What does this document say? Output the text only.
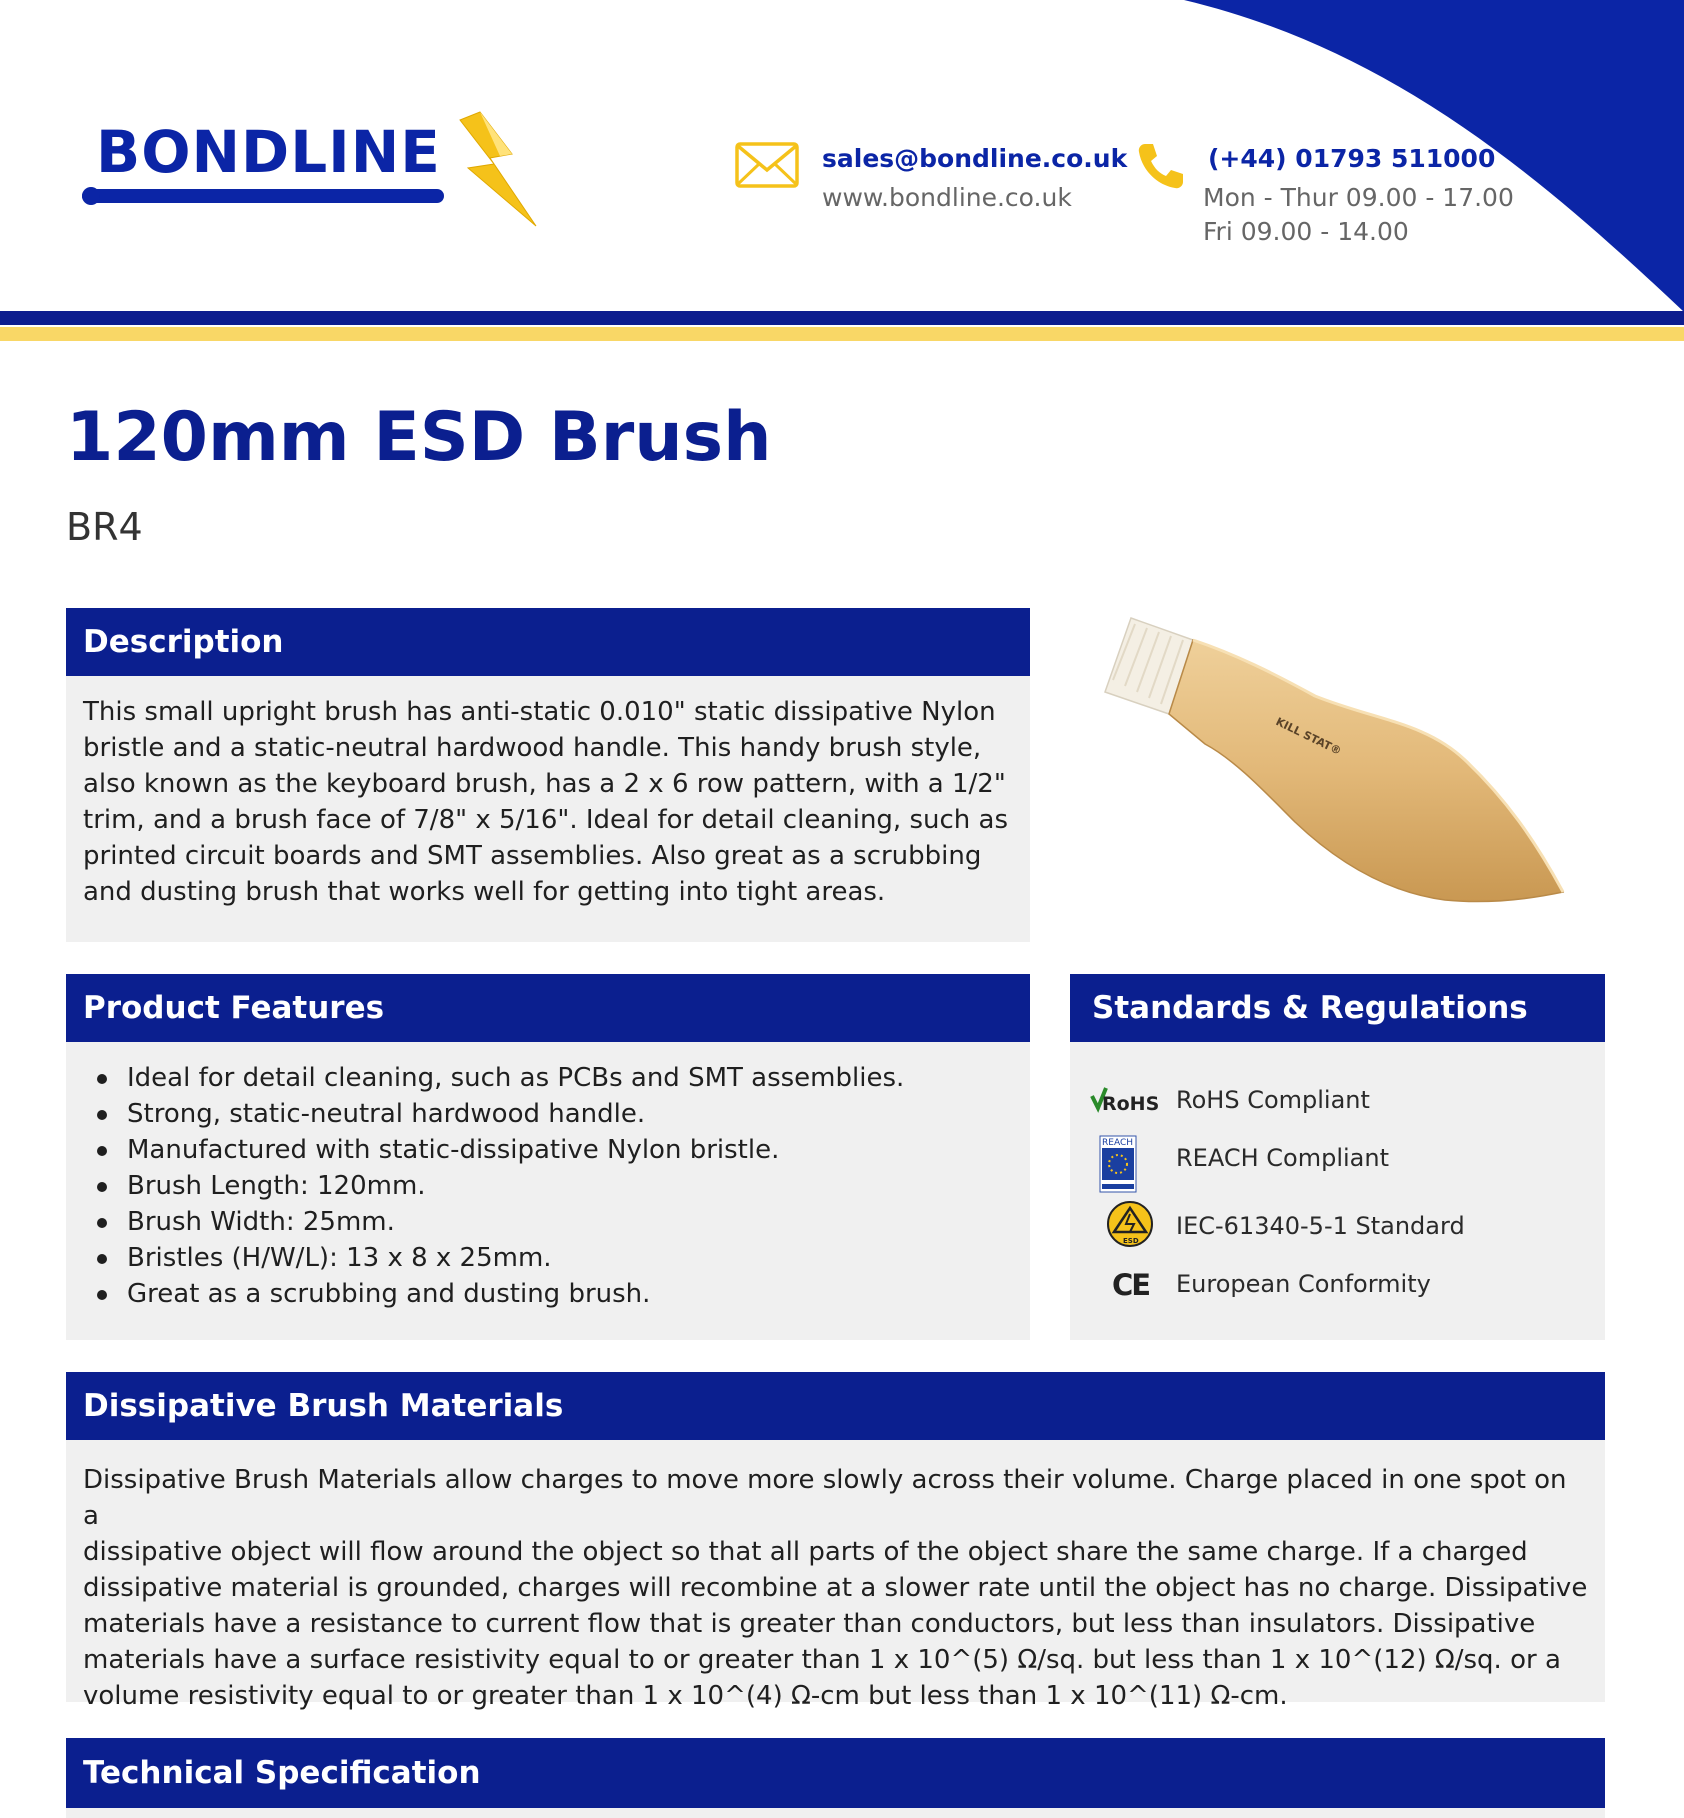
BONDLINE	sales@bondline.co.uk
www.bondline.co.uk
(+44) 01793 511000
Mon - Thur 09.00 - 17.00
Fri 09.00 - 14.00
120mm ESD Brush
BR4
KILL STAT®
Description
This small upright brush has anti-static 0.010" static dissipative Nylon
bristle and a static-neutral hardwood handle. This handy brush style,
also known as the keyboard brush, has a 2 x 6 row pattern, with a 1/2"
trim, and a brush face of 7/8" x 5/16". Ideal for detail cleaning, such as
printed circuit boards and SMT assemblies. Also great as a scrubbing
and dusting brush that works well for getting into tight areas.
Product Features
Ideal for detail cleaning, such as PCBs and SMT assemblies.
Strong, static-neutral hardwood handle.
Manufactured with static-dissipative Nylon bristle.
Brush Length: 120mm.
Brush Width: 25mm.
Bristles (H/W/L): 13 x 8 x 25mm.
Great as a scrubbing and dusting brush.
Standards & Regulations
RoHS RoHS Compliant
REACH
REACH Compliant
ESD
IEC-61340-5-1 Standard
CE European Conformity
Dissipative Brush Materials
Dissipative Brush Materials allow charges to move more slowly across their volume. Charge placed in one spot on a
dissipative object will flow around the object so that all parts of the object share the same charge. If a charged
dissipative material is grounded, charges will recombine at a slower rate until the object has no charge. Dissipative
materials have a resistance to current flow that is greater than conductors, but less than insulators. Dissipative
materials have a surface resistivity equal to or greater than 1 x 10^(5) Ω/sq. but less than 1 x 10^(12) Ω/sq. or a
volume resistivity equal to or greater than 1 x 10^(4) Ω-cm but less than 1 x 10^(11) Ω-cm.
Technical Specification
